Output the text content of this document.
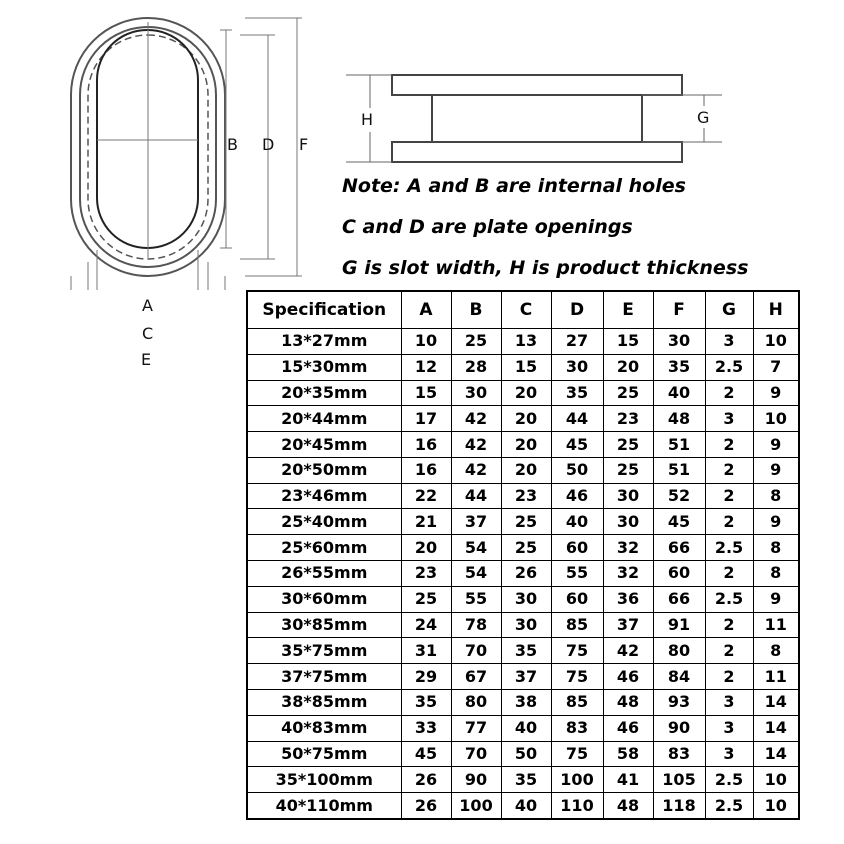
B D F
A
C
E
H	G
Note: A and B are internal holes
C and D are plate openings
G is slot width, H is product thickness
Specification	A	B	C	D	E	F	G	H
13*27mm	10	25	13	27	15	30	3	10
15*30mm	12	28	15	30	20	35	2.5	7
20*35mm	15	30	20	35	25	40	2	9
20*44mm	17	42	20	44	23	48	3	10
20*45mm	16	42	20	45	25	51	2	9
20*50mm	16	42	20	50	25	51	2	9
23*46mm	22	44	23	46	30	52	2	8
25*40mm	21	37	25	40	30	45	2	9
25*60mm	20	54	25	60	32	66	2.5	8
26*55mm	23	54	26	55	32	60	2	8
30*60mm	25	55	30	60	36	66	2.5	9
30*85mm	24	78	30	85	37	91	2	11
35*75mm	31	70	35	75	42	80	2	8
37*75mm	29	67	37	75	46	84	2	11
38*85mm	35	80	38	85	48	93	3	14
40*83mm	33	77	40	83	46	90	3	14
50*75mm	45	70	50	75	58	83	3	14
35*100mm	26	90	35	100	41	105	2.5	10
40*110mm	26	100	40	110	48	118	2.5	10
